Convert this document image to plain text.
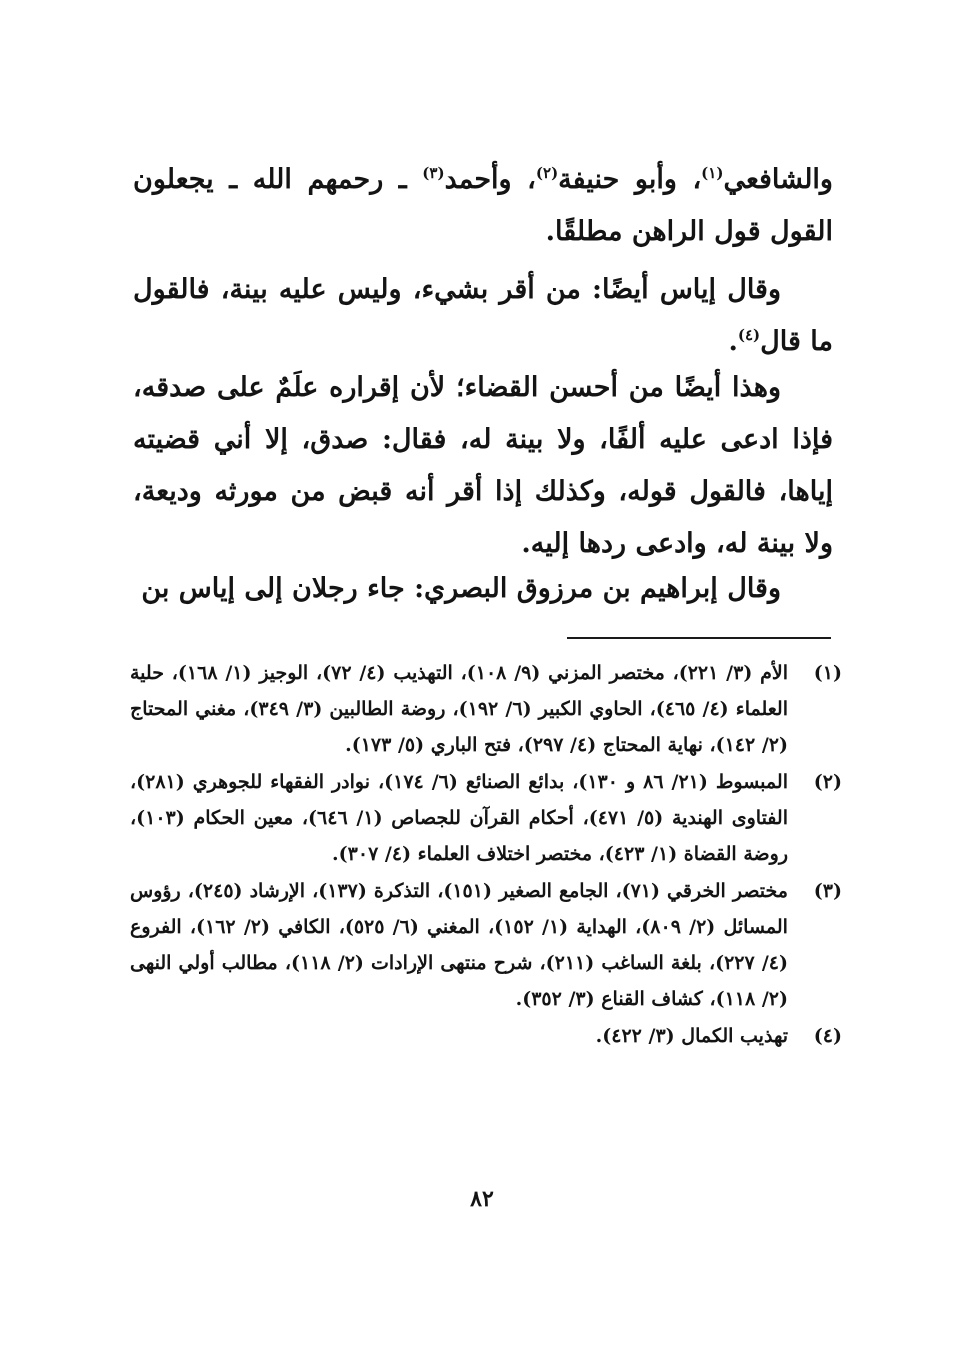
والشافعي$^{(١)}$، وأبو حنيفة$^{(٢)}$، وأحمد$^{(٣)}$ ـ رحمهم الله ـ يجعلون القول قول الراهن مطلقًا.

وقال إياس أيضًا: من أقر بشيء، وليس عليه بينة، فالقول ما قال$^{(٤)}$.

وهذا أيضًا من أحسن القضاء؛ لأن إقراره علَمٌ على صدقه، فإذا ادعى عليه ألفًا، ولا بينة له، فقال: صدق، إلا أني قضيته إياها، فالقول قوله، وكذلك إذا أقر أنه قبض من مورثه وديعة، ولا بينة له، وادعى ردها إليه.

وقال إبراهيم بن مرزوق البصري: جاء رجلان إلى إياس بن

(١)
الأم (٣/ ٢٢١)، مختصر المزني (٩/ ١٠٨)، التهذيب (٤/ ٧٢)، الوجيز (١/ ١٦٨)، حلية العلماء (٤/ ٤٦٥)، الحاوي الكبير (٦/ ١٩٢)، روضة الطالبين (٣/ ٣٤٩)، مغني المحتاج (٢/ ١٤٢)، نهاية المحتاج (٤/ ٢٩٧)، فتح الباري (٥/ ١٧٣).
(٢)
المبسوط (٢١/ ٨٦ و ١٣٠)، بدائع الصنائع (٦/ ١٧٤)، نوادر الفقهاء للجوهري (٢٨١)، الفتاوى الهندية (٥/ ٤٧١)، أحكام القرآن للجصاص (١/ ٦٤٦)، معين الحكام (١٠٣)، روضة القضاة (١/ ٤٢٣)، مختصر اختلاف العلماء (٤/ ٣٠٧).
(٣)
مختصر الخرقي (٧١)، الجامع الصغير (١٥١)، التذكرة (١٣٧)، الإرشاد (٢٤٥)، رؤوس المسائل (٢/ ٨٠٩)، الهداية (١/ ١٥٢)، المغني (٦/ ٥٢٥)، الكافي (٢/ ١٦٢)، الفروع (٤/ ٢٢٧)، بلغة الساغب (٢١١)، شرح منتهى الإرادات (٢/ ١١٨)، مطالب أولي النهى (٢/ ١١٨)، كشاف القناع (٣/ ٣٥٢).
(٤)
تهذيب الكمال (٣/ ٤٢٢).
٨٢
